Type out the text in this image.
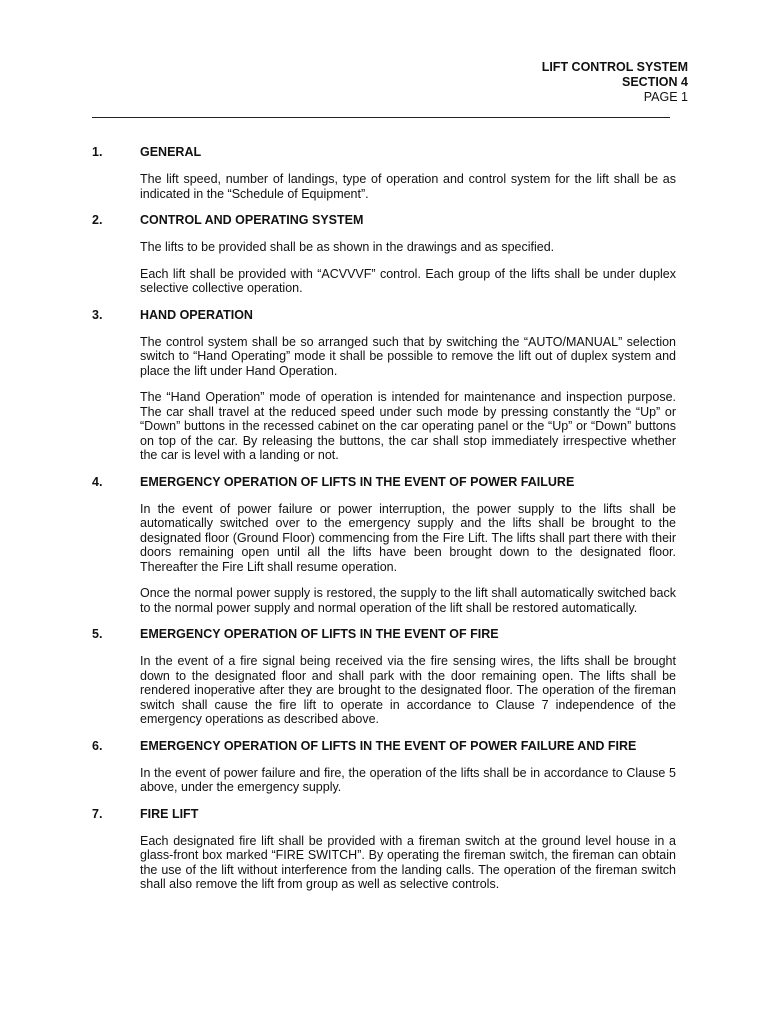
LIFT CONTROL SYSTEM
SECTION 4
PAGE 1
1.	GENERAL

The lift speed, number of landings, type of operation and control system for the lift shall be as indicated in the “Schedule of Equipment”.

2.	CONTROL AND OPERATING SYSTEM

The lifts to be provided shall be as shown in the drawings and as specified.

Each lift shall be provided with “ACVVVF” control. Each group of the lifts shall be under duplex selective collective operation.

3.	HAND OPERATION

The control system shall be so arranged such that by switching the “AUTO/MANUAL” selection switch to “Hand Operating” mode it shall be possible to remove the lift out of duplex system and place the lift under Hand Operation.

The “Hand Operation” mode of operation is intended for maintenance and inspection purpose. The car shall travel at the reduced speed under such mode by pressing constantly the “Up” or “Down” buttons in the recessed cabinet on the car operating panel or the “Up” or “Down” buttons on top of the car. By releasing the buttons, the car shall stop immediately irrespective whether the car is level with a landing or not.

4.	EMERGENCY OPERATION OF LIFTS IN THE EVENT OF POWER FAILURE

In the event of power failure or power interruption, the power supply to the lifts shall be automatically switched over to the emergency supply and the lifts shall be brought to the designated floor (Ground Floor) commencing from the Fire Lift. The lifts shall part there with their doors remaining open until all the lifts have been brought down to the designated floor. Thereafter the Fire Lift shall resume operation.

Once the normal power supply is restored, the supply to the lift shall automatically switched back to the normal power supply and normal operation of the lift shall be restored automatically.

5.	EMERGENCY OPERATION OF LIFTS IN THE EVENT OF FIRE

In the event of a fire signal being received via the fire sensing wires, the lifts shall be brought down to the designated floor and shall park with the door remaining open. The lifts shall be rendered inoperative after they are brought to the designated floor. The operation of the fireman switch shall cause the fire lift to operate in accordance to Clause 7 independence of the emergency operations as described above.

6.	EMERGENCY OPERATION OF LIFTS IN THE EVENT OF POWER FAILURE AND FIRE

In the event of power failure and fire, the operation of the lifts shall be in accordance to Clause 5 above, under the emergency supply.

7.	FIRE LIFT

Each designated fire lift shall be provided with a fireman switch at the ground level house in a glass-front box marked “FIRE SWITCH”. By operating the fireman switch, the fireman can obtain the use of the lift without interference from the landing calls. The operation of the fireman switch shall also remove the lift from group as well as selective controls.
